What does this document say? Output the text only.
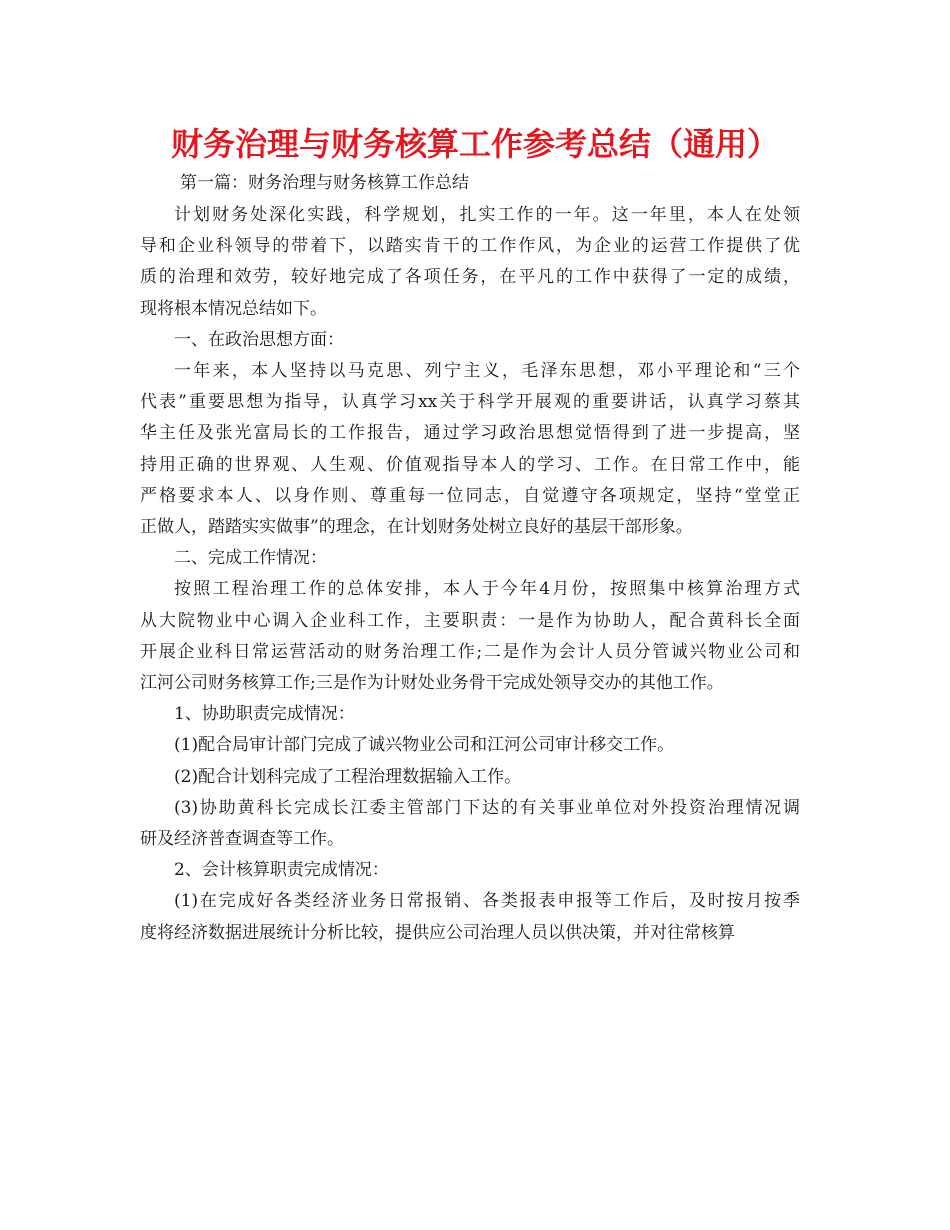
财务治理与财务核算工作参考总结（通用）
第一篇：财务治理与财务核算工作总结

计划财务处深化实践，科学规划，扎实工作的一年。这一年里，本人在处领
导和企业科领导的带着下，以踏实肯干的工作作风，为企业的运营工作提供了优
质的治理和效劳，较好地完成了各项任务，在平凡的工作中获得了一定的成绩，
现将根本情况总结如下。

一、在政治思想方面：

一年来，本人坚持以马克思、列宁主义，毛泽东思想，邓小平理论和“三个
代表”重要思想为指导，认真学习xx关于科学开展观的重要讲话，认真学习蔡其
华主任及张光富局长的工作报告，通过学习政治思想觉悟得到了进一步提高，坚
持用正确的世界观、人生观、价值观指导本人的学习、工作。在日常工作中，能
严格要求本人、以身作则、尊重每一位同志，自觉遵守各项规定，坚持“堂堂正
正做人，踏踏实实做事”的理念，在计划财务处树立良好的基层干部形象。

二、完成工作情况：

按照工程治理工作的总体安排，本人于今年4月份，按照集中核算治理方式
从大院物业中心调入企业科工作，主要职责：一是作为协助人，配合黄科长全面
开展企业科日常运营活动的财务治理工作;二是作为会计人员分管诚兴物业公司和
江河公司财务核算工作;三是作为计财处业务骨干完成处领导交办的其他工作。

1、协助职责完成情况：

(1)配合局审计部门完成了诚兴物业公司和江河公司审计移交工作。

(2)配合计划科完成了工程治理数据输入工作。

(3)协助黄科长完成长江委主管部门下达的有关事业单位对外投资治理情况调
研及经济普查调查等工作。

2、会计核算职责完成情况：

(1)在完成好各类经济业务日常报销、各类报表申报等工作后，及时按月按季
度将经济数据进展统计分析比较，提供应公司治理人员以供决策，并对往常核算
